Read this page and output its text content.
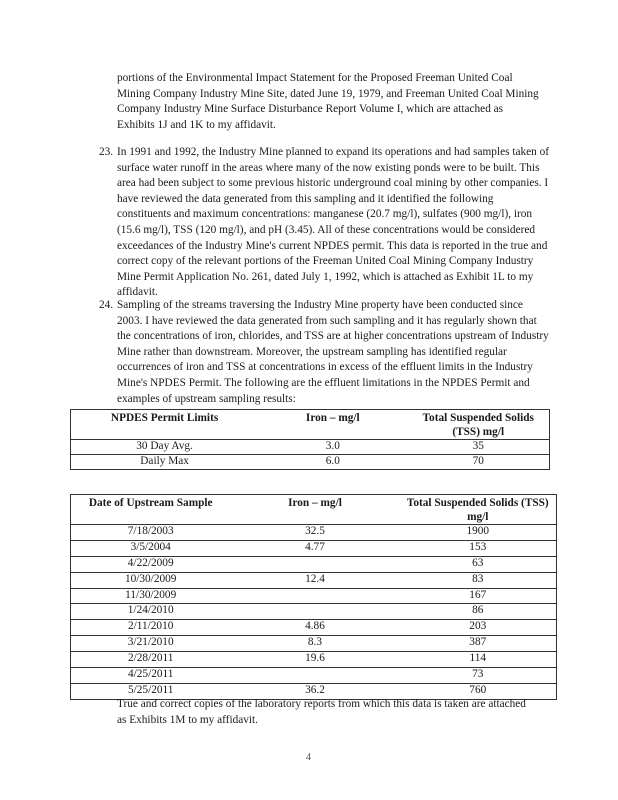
portions of the Environmental Impact Statement for the Proposed Freeman United Coal Mining Company Industry Mine Site, dated June 19, 1979, and Freeman United Coal Mining Company Industry Mine Surface Disturbance Report Volume I, which are attached as Exhibits 1J and 1K to my affidavit.

23. In 1991 and 1992, the Industry Mine planned to expand its operations and had samples taken of surface water runoff in the areas where many of the now existing ponds were to be built. This area had been subject to some previous historic underground coal mining by other companies. I have reviewed the data generated from this sampling and it identified the following constituents and maximum concentrations: manganese (20.7 mg/l), sulfates (900 mg/l), iron (15.6 mg/l), TSS (120 mg/l), and pH (3.45). All of these concentrations would be considered exceedances of the Industry Mine's current NPDES permit. This data is reported in the true and correct copy of the relevant portions of the Freeman United Coal Mining Company Industry Mine Permit Application No. 261, dated July 1, 1992, which is attached as Exhibit 1L to my affidavit.

24. Sampling of the streams traversing the Industry Mine property have been conducted since 2003. I have reviewed the data generated from such sampling and it has regularly shown that the concentrations of iron, chlorides, and TSS are at higher concentrations upstream of Industry Mine rather than downstream. Moreover, the upstream sampling has identified regular occurrences of iron and TSS at concentrations in excess of the effluent limits in the Industry Mine's NPDES Permit. The following are the effluent limitations in the NPDES Permit and examples of upstream sampling results:

NPDES Permit Limits	Iron – mg/l	Total Suspended Solids (TSS) mg/l
30 Day Avg.	3.0	35
Daily Max	6.0	70
Date of Upstream Sample	Iron – mg/l	Total Suspended Solids (TSS) mg/l
7/18/2003	32.5	1900
3/5/2004	4.77	153
4/22/2009		63
10/30/2009	12.4	83
11/30/2009		167
1/24/2010		86
2/11/2010	4.86	203
3/21/2010	8.3	387
2/28/2011	19.6	114
4/25/2011		73
5/25/2011	36.2	760

True and correct copies of the laboratory reports from which this data is taken are attached as Exhibits 1M to my affidavit.

4
